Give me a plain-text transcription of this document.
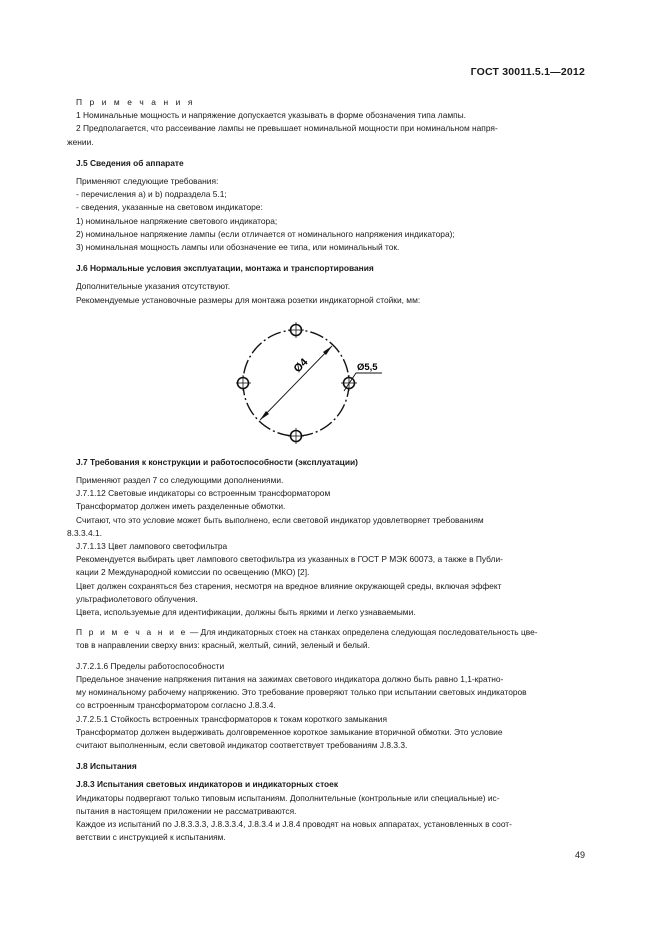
ГОСТ 30011.5.1—2012

П р и м е ч а н и я

1 Номинальные мощность и напряжение допускается указывать в форме обозначения типа лампы.

2 Предполагается, что рассеивание лампы не превышает номинальной мощности при номинальном напря-

жении.

J.5 Сведения об аппарате

Применяют следующие требования:

- перечисления a) и b) подраздела 5.1;

- сведения, указанные на световом индикаторе:

1) номинальное напряжение светового индикатора;

2) номинальное напряжение лампы (если отличается от номинального напряжения индикатора);

3) номинальная мощность лампы или обозначение ее типа, или номинальный ток.

J.6 Нормальные условия эксплуатации, монтажа и транспортирования

Дополнительные указания отсутствуют.

Рекомендуемые установочные размеры для монтажа розетки индикаторной стойки, мм:

Ø4	Ø5,5

J.7 Требования к конструкции и работоспособности (эксплуатации)

Применяют раздел 7 со следующими дополнениями.

J.7.1.12 Световые индикаторы со встроенным трансформатором

Трансформатор должен иметь разделенные обмотки.

Считают, что это условие может быть выполнено, если световой индикатор удовлетворяет требованиям

8.3.3.4.1.

J.7.1.13 Цвет лампового светофильтра

Рекомендуется выбирать цвет лампового светофильтра из указанных в ГОСТ Р МЭК 60073, а также в Публи-

кации 2 Международной комиссии по освещению (МКО) [2].

Цвет должен сохраняться без старения, несмотря на вредное влияние окружающей среды, включая эффект

ультрафиолетового облучения.

Цвета, используемые для идентификации, должны быть яркими и легко узнаваемыми.

П р и м е ч а н и е — Для индикаторных стоек на станках определена следующая последовательность цве-

тов в направлении сверху вниз: красный, желтый, синий, зеленый и белый.

J.7.2.1.6 Пределы работоспособности

Предельное значение напряжения питания на зажимах светового индикатора должно быть равно 1,1-кратно-

му номинальному рабочему напряжению. Это требование проверяют только при испытании световых индикаторов

со встроенным трансформатором согласно J.8.3.4.

J.7.2.5.1 Стойкость встроенных трансформаторов к токам короткого замыкания

Трансформатор должен выдерживать долговременное короткое замыкание вторичной обмотки. Это условие

считают выполненным, если световой индикатор соответствует требованиям J.8.3.3.

J.8 Испытания

J.8.3 Испытания световых индикаторов и индикаторных стоек

Индикаторы подвергают только типовым испытаниям. Дополнительные (контрольные или специальные) ис-

пытания в настоящем приложении не рассматриваются.

Каждое из испытаний по J.8.3.3.3, J.8.3.3.4, J.8.3.4 и J.8.4 проводят на новых аппаратах, установленных в соот-

ветствии с инструкцией к испытаниям.

49
